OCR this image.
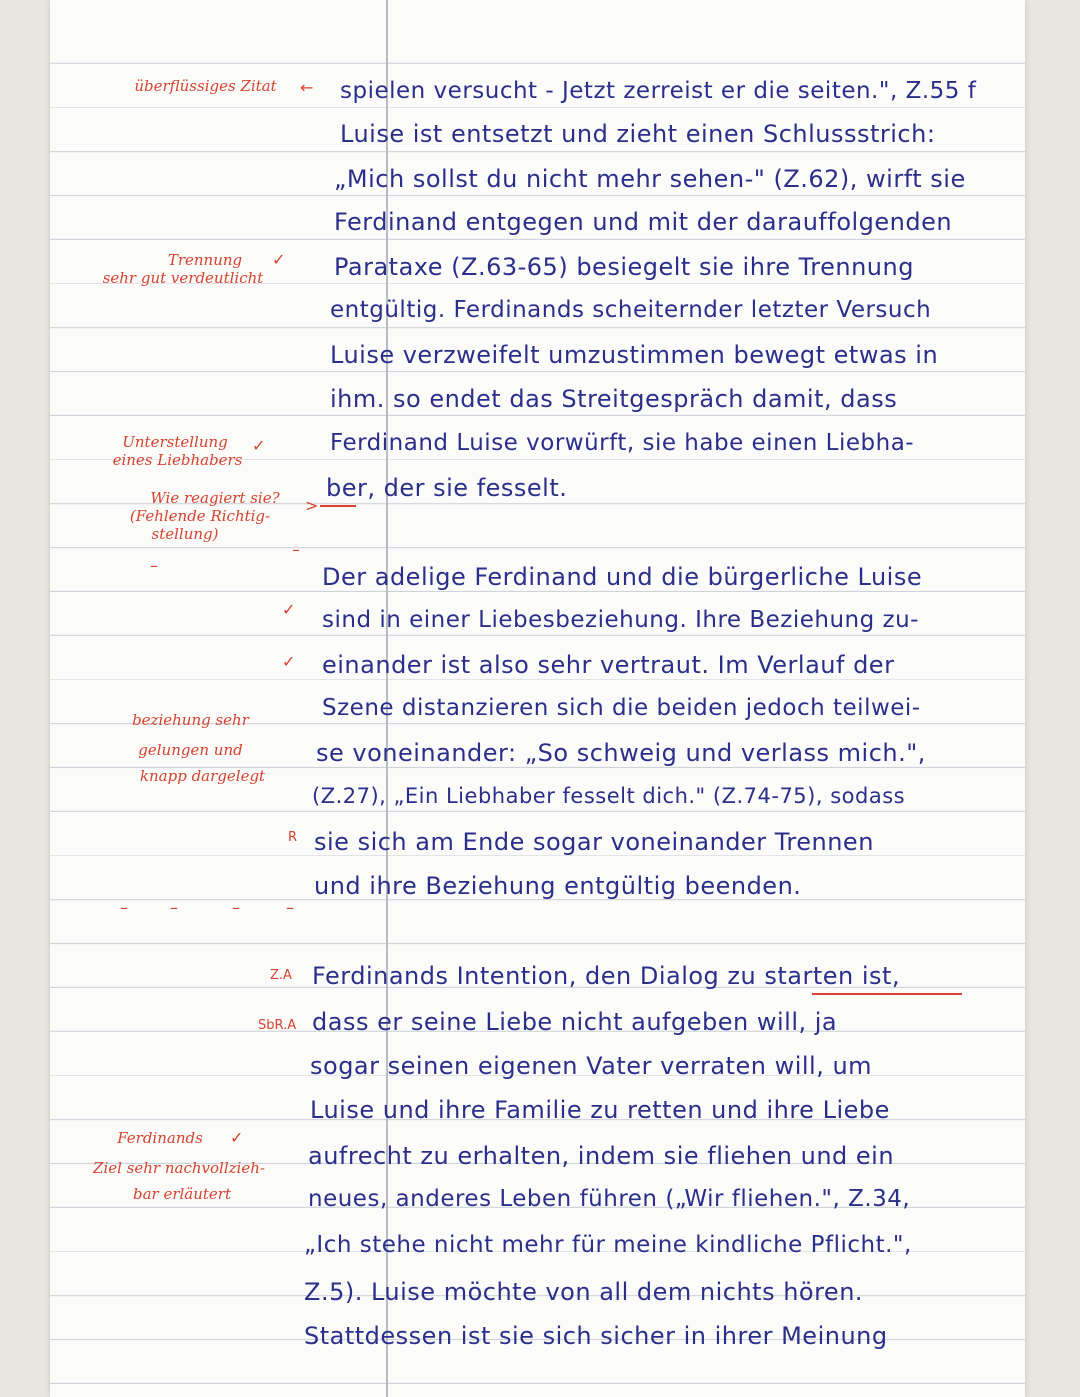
überflüssiges Zitat	←
Trennung	✓
sehr gut verdeutlicht
Unterstellung	✓
eines Liebhabers
Wie reagiert sie?	>
(Fehlende Richtig-
stellung)
–
–
✓
✓
beziehung sehr
gelungen und
knapp dargelegt
R
–	–	–	–
Z.A
SbR.A
Ferdinands	✓
Ziel sehr nachvollzieh-
bar erläutert
spielen versucht - Jetzt zerreist er die seiten.", Z.55 f
Luise ist entsetzt und zieht einen Schlussstrich:
„Mich sollst du nicht mehr sehen-" (Z.62), wirft sie
Ferdinand entgegen und mit der darauffolgenden
Parataxe (Z.63-65) besiegelt sie ihre Trennung
entgültig. Ferdinands scheiternder letzter Versuch
Luise verzweifelt umzustimmen bewegt etwas in
ihm. so endet das Streitgespräch damit, dass
Ferdinand Luise vorwürft, sie habe einen Liebha-
ber, der sie fesselt.
Der adelige Ferdinand und die bürgerliche Luise
sind in einer Liebesbeziehung. Ihre Beziehung zu-
einander ist also sehr vertraut. Im Verlauf der
Szene distanzieren sich die beiden jedoch teilwei-
se voneinander: „So schweig und verlass mich.",
(Z.27), „Ein Liebhaber fesselt dich." (Z.74-75), sodass
sie sich am Ende sogar voneinander Trennen
und ihre Beziehung entgültig beenden.
Ferdinands Intention, den Dialog zu starten ist,
dass er seine Liebe nicht aufgeben will, ja
sogar seinen eigenen Vater verraten will, um
Luise und ihre Familie zu retten und ihre Liebe
aufrecht zu erhalten, indem sie fliehen und ein
neues, anderes Leben führen („Wir fliehen.", Z.34,
„Ich stehe nicht mehr für meine kindliche Pflicht.",
Z.5). Luise möchte von all dem nichts hören.
Stattdessen ist sie sich sicher in ihrer Meinung
